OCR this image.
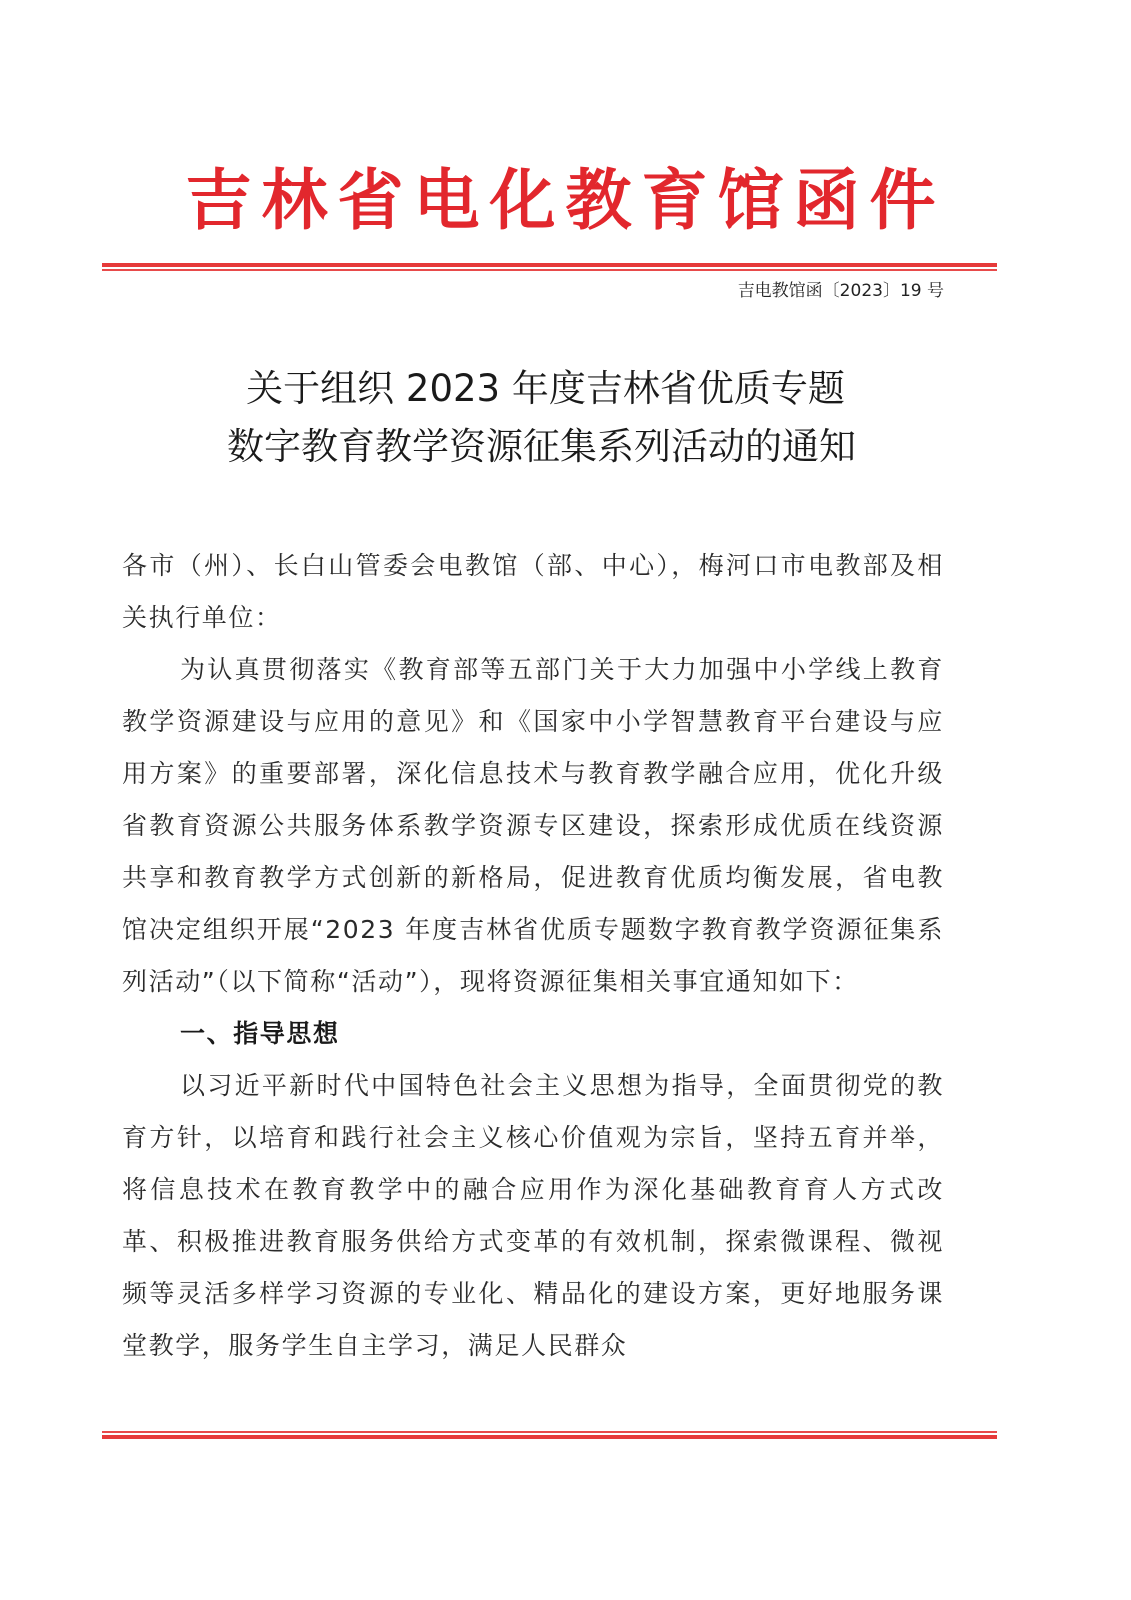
吉林省电化教育馆函件
吉电教馆函〔2023〕19 号
关于组织 2023 年度吉林省优质专题
数字教育教学资源征集系列活动的通知

各市（州）、长白山管委会电教馆（部、中心），梅河口市电教部及相关执行单位：

为认真贯彻落实《教育部等五部门关于大力加强中小学线上教育教学资源建设与应用的意见》和《国家中小学智慧教育平台建设与应用方案》的重要部署，深化信息技术与教育教学融合应用，优化升级省教育资源公共服务体系教学资源专区建设，探索形成优质在线资源共享和教育教学方式创新的新格局，促进教育优质均衡发展，省电教馆决定组织开展“2023 年度吉林省优质专题数字教育教学资源征集系列活动”（以下简称“活动”），现将资源征集相关事宜通知如下：

一、指导思想

以习近平新时代中国特色社会主义思想为指导，全面贯彻党的教育方针，以培育和践行社会主义核心价值观为宗旨，坚持五育并举，将信息技术在教育教学中的融合应用作为深化基础教育育人方式改革、积极推进教育服务供给方式变革的有效机制，探索微课程、微视频等灵活多样学习资源的专业化、精品化的建设方案，更好地服务课堂教学，服务学生自主学习，满足人民群众
